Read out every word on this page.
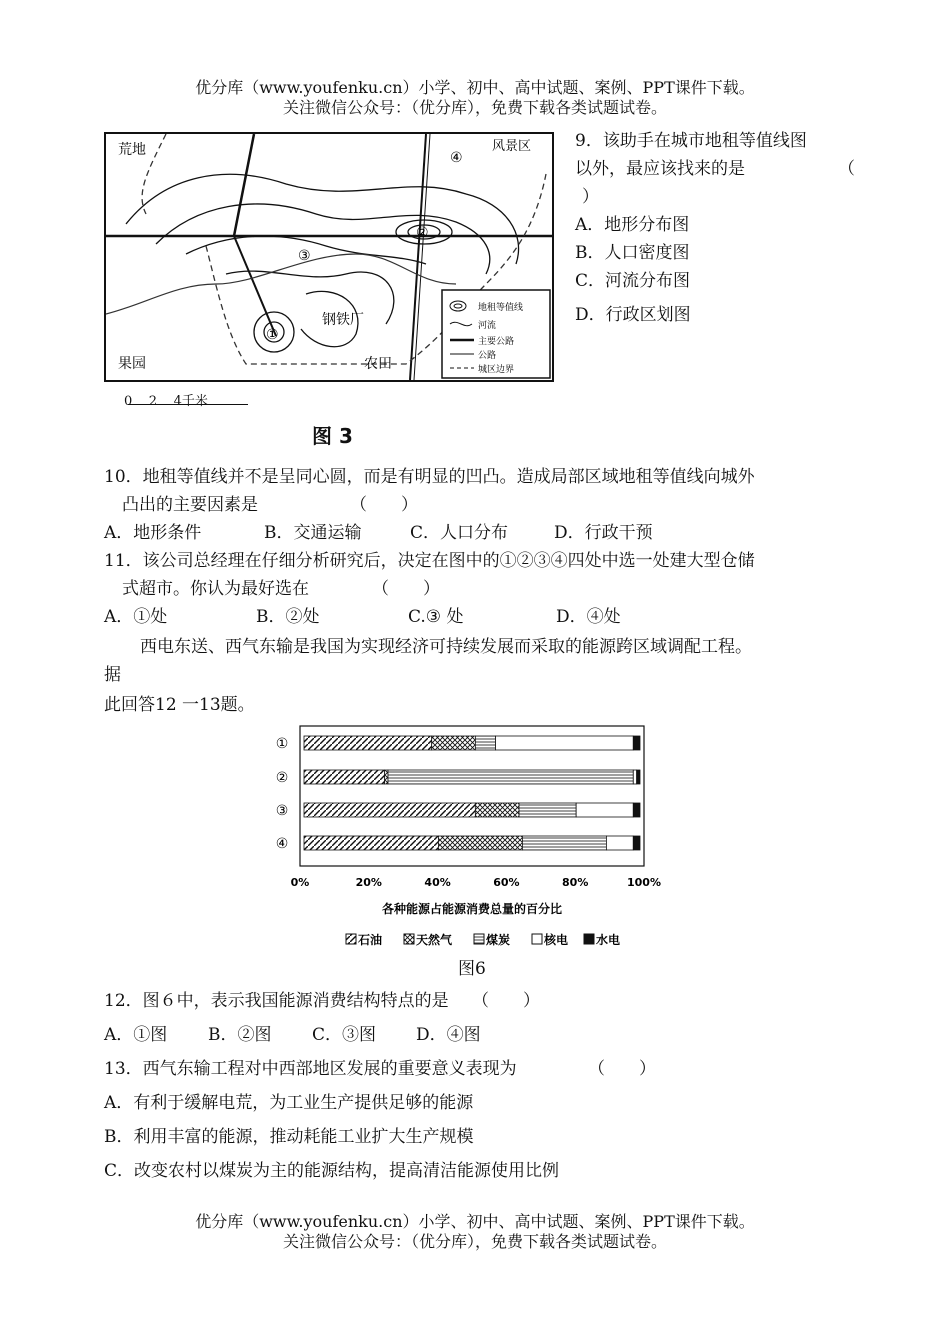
优分库（www.youfenku.cn）小学、初中、高中试题、案例、PPT课件下载。
关注微信公众号：（优分库），免费下载各类试题试卷。
地租等值线
河流
主要公路
公路
城区边界
荒地	风景区
钢铁厂
果园	农田
①
②
③
④
0    2    4千米
图 3
9．该助手在城市地租等值线图
以外，最应该找来的是	（
）
A．地形分布图
B．人口密度图
C．河流分布图
D．行政区划图
10．地租等值线并不是呈同心圆，而是有明显的凹凸。造成局部区域地租等值线向城外
凸出的主要因素是	（　　）
A．地形条件	B．交通运输	C．人口分布	D．行政干预
11．该公司总经理在仔细分析研究后，决定在图中的①②③④四处中选一处建大型仓储
式超市。你认为最好选在	（　　）
A．①处	B．②处	C.③ 处	D．④处
西电东送、西气东输是我国为实现经济可持续发展而采取的能源跨区域调配工程。
据
此回答12 一13题。
①
②
③
④
0%	20%	40%	60%	80%	100%
各种能源占能源消费总量的百分比
石油	天然气	煤炭	核电 水电
图6
12．图６中，表示我国能源消费结构特点的是 （　　）
A．①图 B．②图 C．③图 D．④图
13．西气东输工程对中西部地区发展的重要意义表现为	（　　）
A．有利于缓解电荒，为工业生产提供足够的能源
B．利用丰富的能源，推动耗能工业扩大生产规模
C．改变农村以煤炭为主的能源结构，提高清洁能源使用比例
优分库（www.youfenku.cn）小学、初中、高中试题、案例、PPT课件下载。
关注微信公众号：（优分库），免费下载各类试题试卷。
